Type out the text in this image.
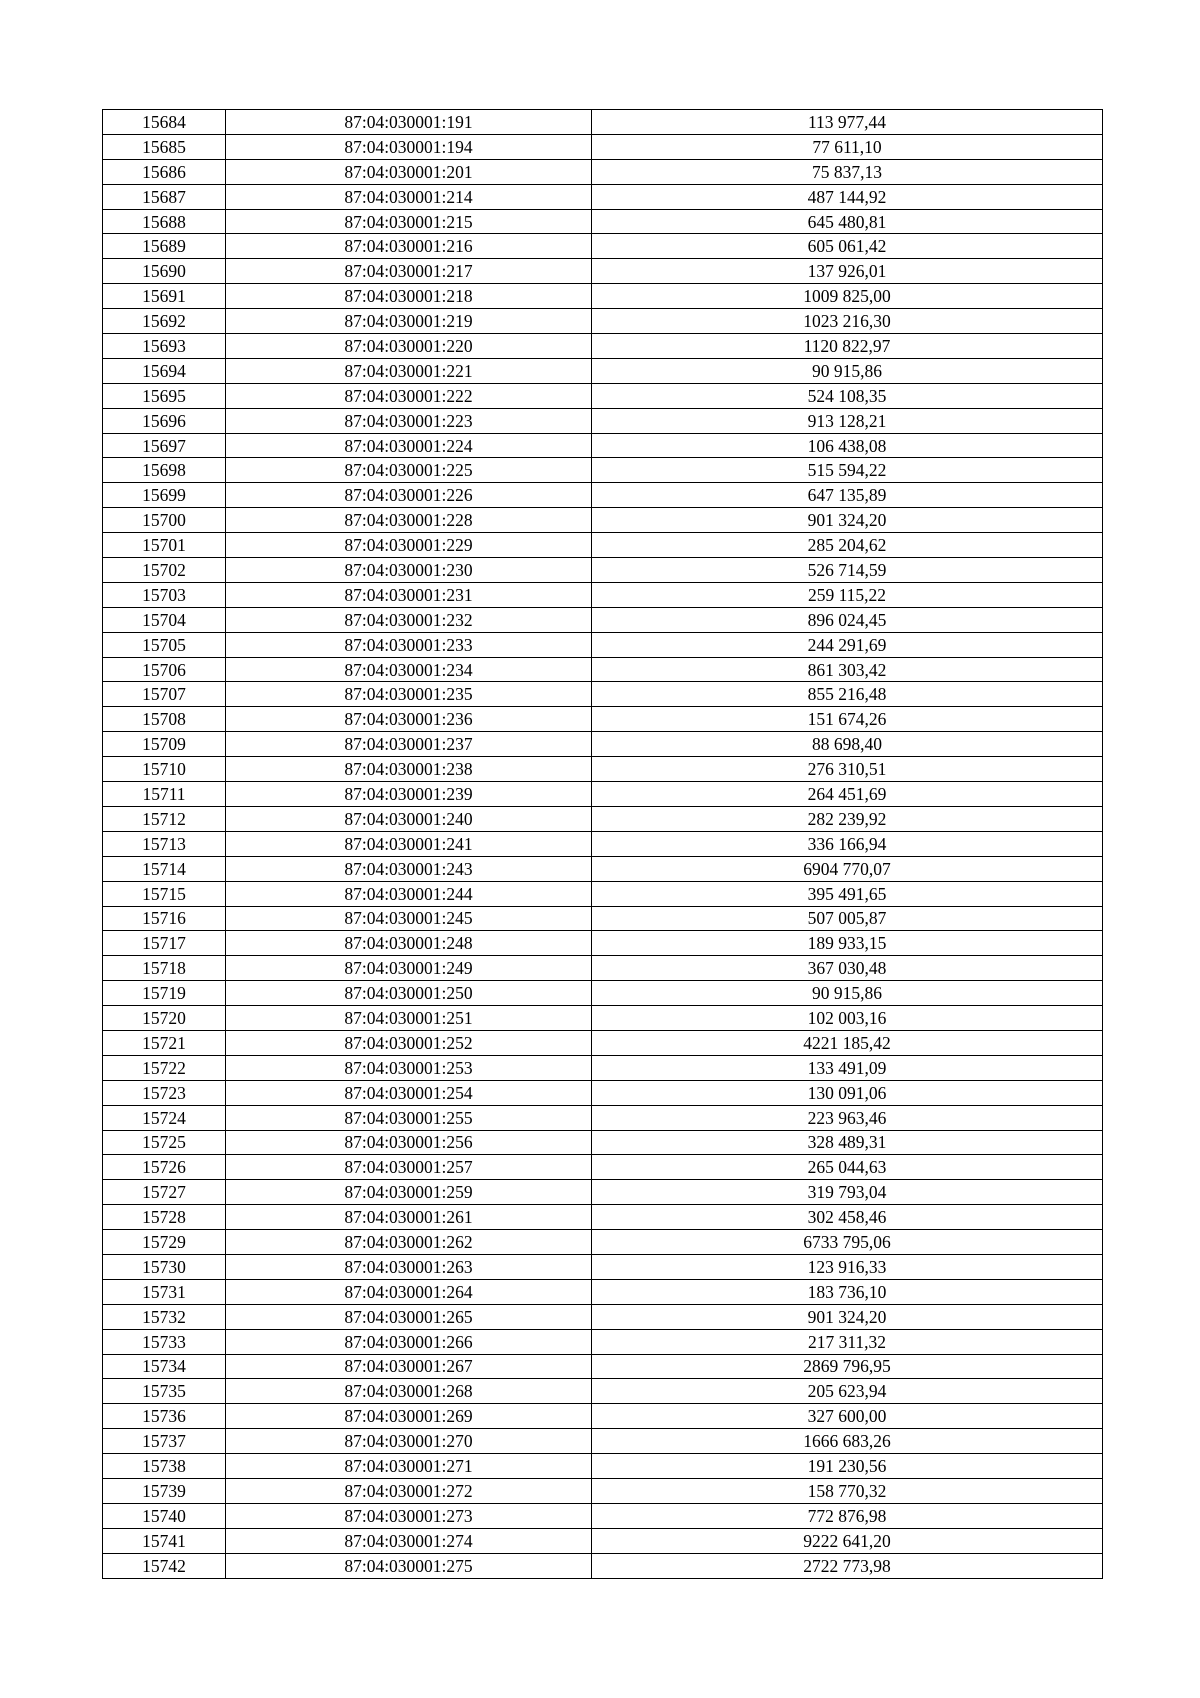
15684	87:04:030001:191	113 977,44
15685	87:04:030001:194	77 611,10
15686	87:04:030001:201	75 837,13
15687	87:04:030001:214	487 144,92
15688	87:04:030001:215	645 480,81
15689	87:04:030001:216	605 061,42
15690	87:04:030001:217	137 926,01
15691	87:04:030001:218	1009 825,00
15692	87:04:030001:219	1023 216,30
15693	87:04:030001:220	1120 822,97
15694	87:04:030001:221	90 915,86
15695	87:04:030001:222	524 108,35
15696	87:04:030001:223	913 128,21
15697	87:04:030001:224	106 438,08
15698	87:04:030001:225	515 594,22
15699	87:04:030001:226	647 135,89
15700	87:04:030001:228	901 324,20
15701	87:04:030001:229	285 204,62
15702	87:04:030001:230	526 714,59
15703	87:04:030001:231	259 115,22
15704	87:04:030001:232	896 024,45
15705	87:04:030001:233	244 291,69
15706	87:04:030001:234	861 303,42
15707	87:04:030001:235	855 216,48
15708	87:04:030001:236	151 674,26
15709	87:04:030001:237	88 698,40
15710	87:04:030001:238	276 310,51
15711	87:04:030001:239	264 451,69
15712	87:04:030001:240	282 239,92
15713	87:04:030001:241	336 166,94
15714	87:04:030001:243	6904 770,07
15715	87:04:030001:244	395 491,65
15716	87:04:030001:245	507 005,87
15717	87:04:030001:248	189 933,15
15718	87:04:030001:249	367 030,48
15719	87:04:030001:250	90 915,86
15720	87:04:030001:251	102 003,16
15721	87:04:030001:252	4221 185,42
15722	87:04:030001:253	133 491,09
15723	87:04:030001:254	130 091,06
15724	87:04:030001:255	223 963,46
15725	87:04:030001:256	328 489,31
15726	87:04:030001:257	265 044,63
15727	87:04:030001:259	319 793,04
15728	87:04:030001:261	302 458,46
15729	87:04:030001:262	6733 795,06
15730	87:04:030001:263	123 916,33
15731	87:04:030001:264	183 736,10
15732	87:04:030001:265	901 324,20
15733	87:04:030001:266	217 311,32
15734	87:04:030001:267	2869 796,95
15735	87:04:030001:268	205 623,94
15736	87:04:030001:269	327 600,00
15737	87:04:030001:270	1666 683,26
15738	87:04:030001:271	191 230,56
15739	87:04:030001:272	158 770,32
15740	87:04:030001:273	772 876,98
15741	87:04:030001:274	9222 641,20
15742	87:04:030001:275	2722 773,98
